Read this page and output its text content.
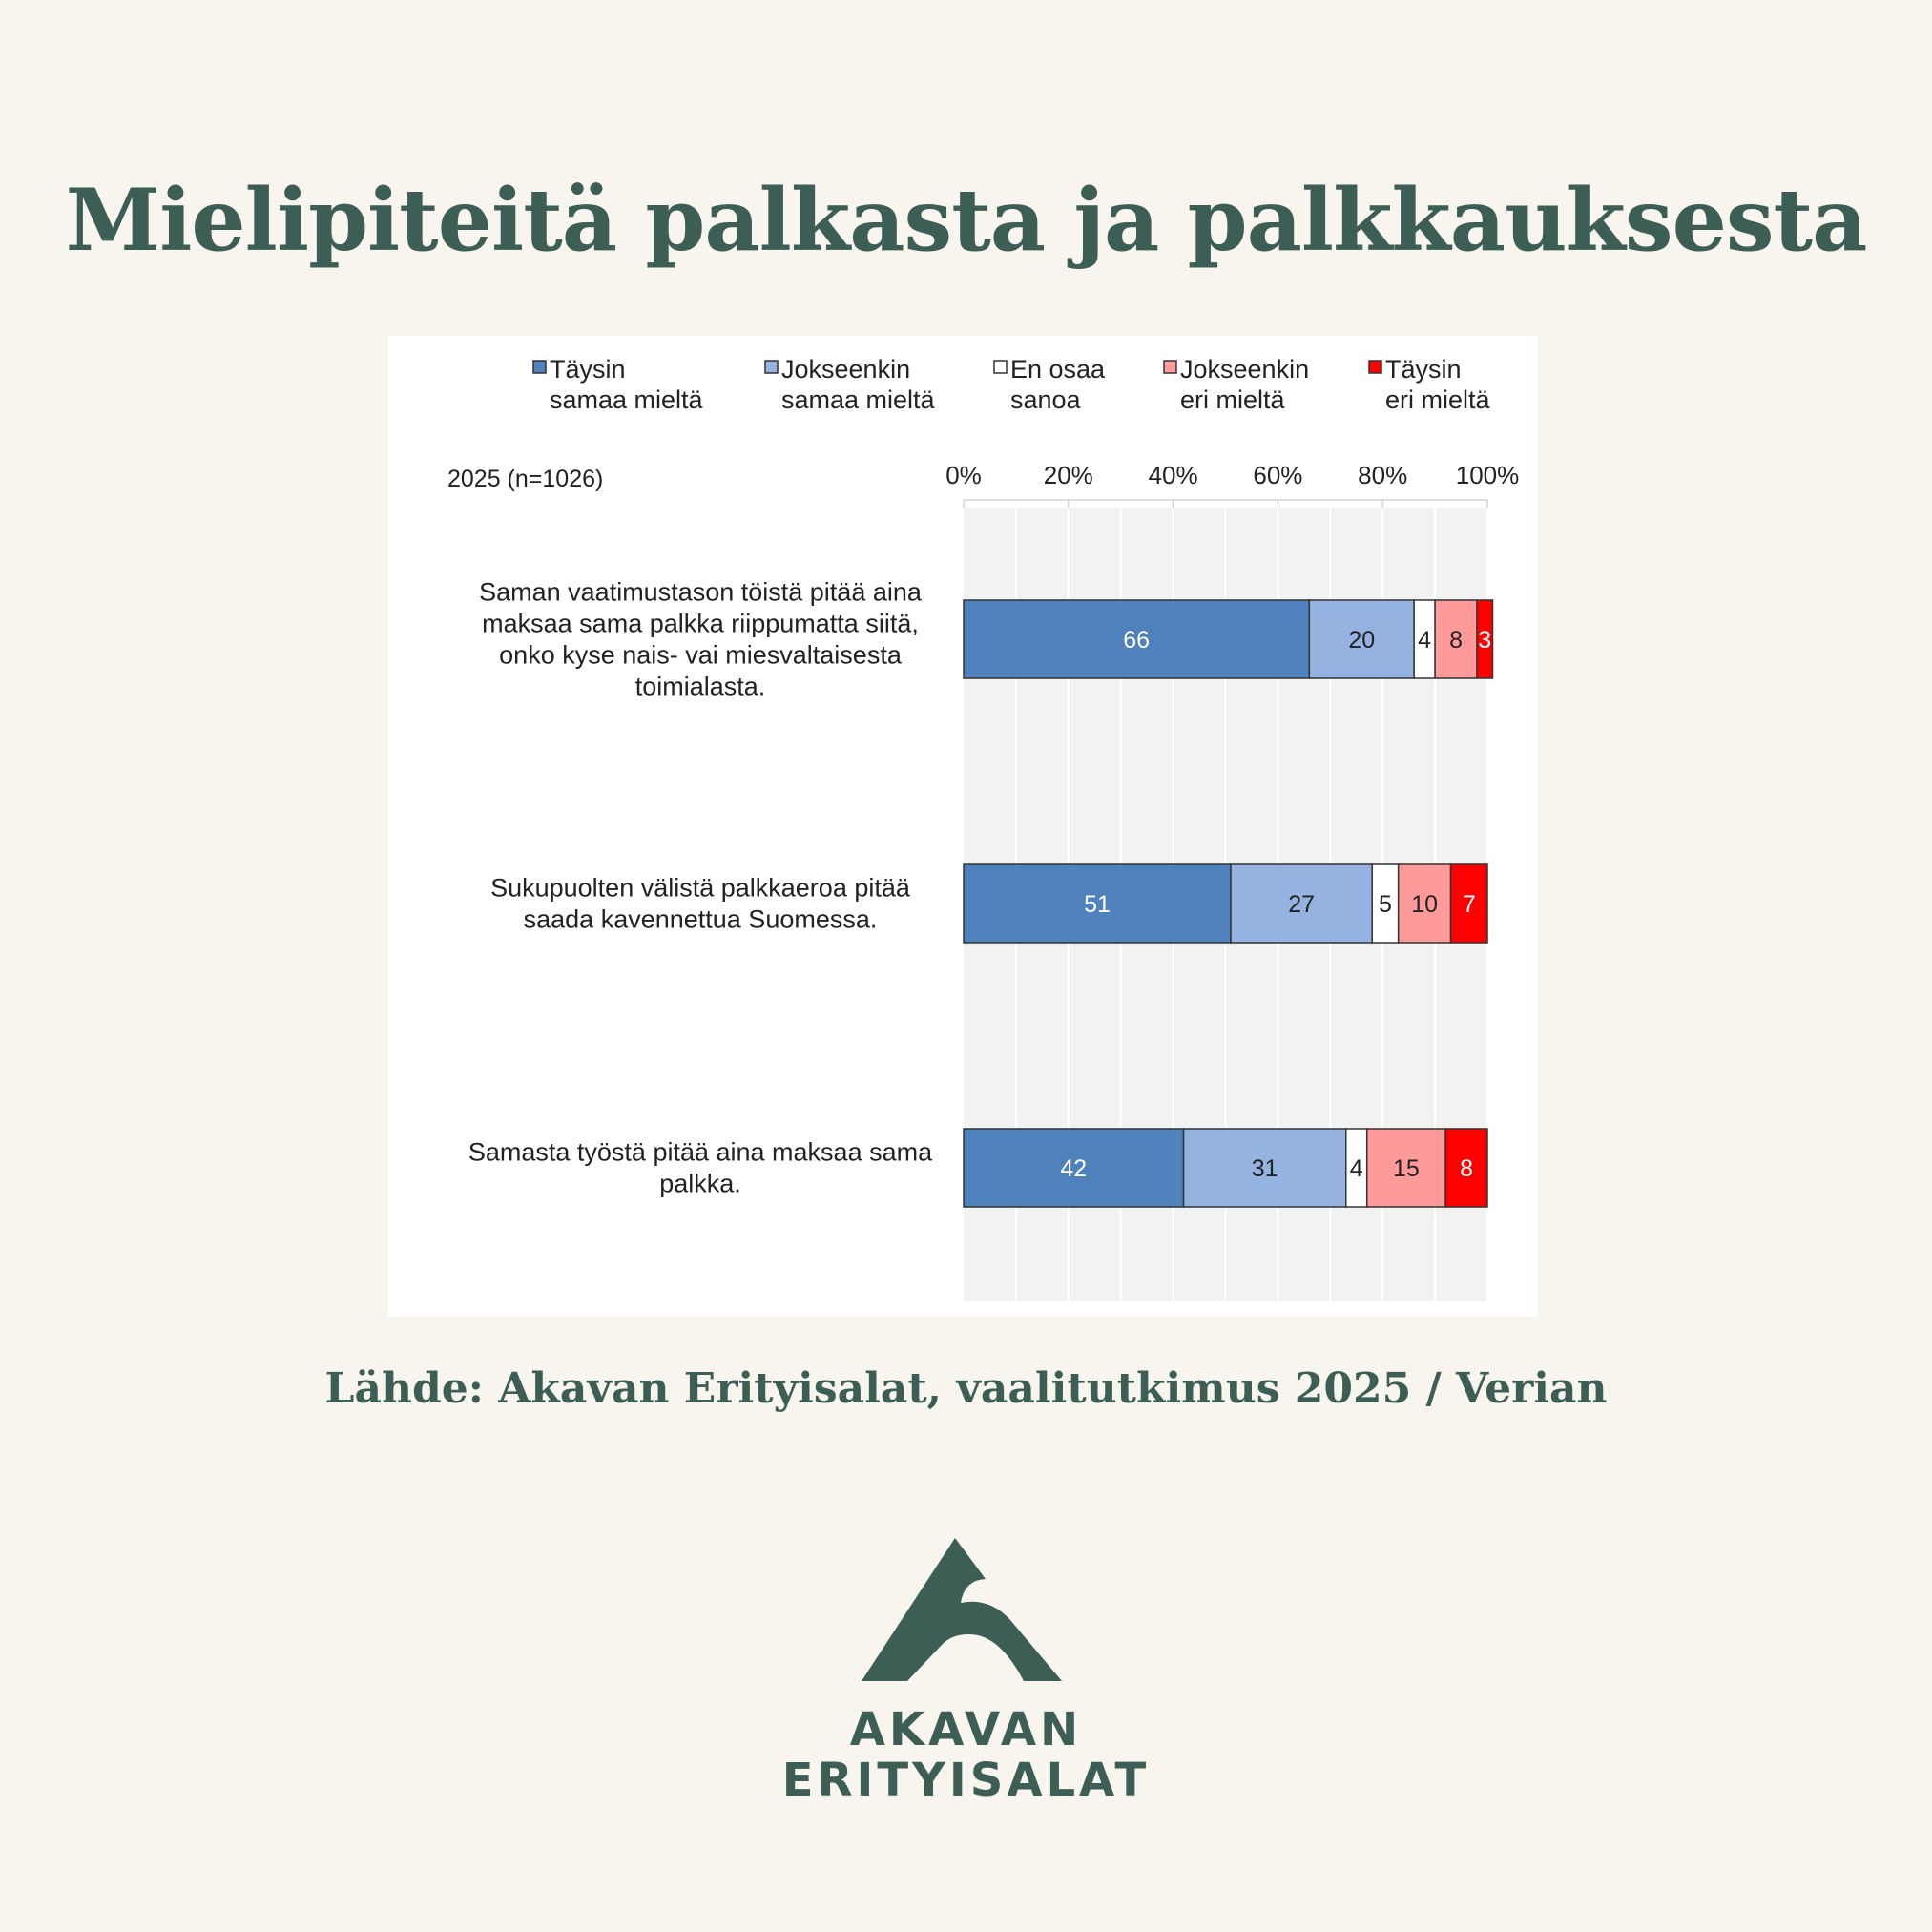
Mielipiteitä palkasta ja palkkauksesta
0% 20% 40% 60% 80% 100%
2025 (n=1026)
Täysin
samaa mieltä
Jokseenkin
samaa mieltä
En osaa
sanoa
Jokseenkin
eri mieltä
Täysin
eri mieltä
Saman vaatimustason töistä pitää aina
maksaa sama palkka riippumatta siitä,
onko kyse nais- vai miesvaltaisesta
toimialasta.
Sukupuolten välistä palkkaeroa pitää
saada kavennettua Suomessa.
Samasta työstä pitää aina maksaa sama
palkka.
66	20 4 8 3
51	27	5 10 7
42	31	4 15 8
Lähde: Akavan Erityisalat, vaalitutkimus 2025 / Verian
AKAVAN
ERITYISALAT
